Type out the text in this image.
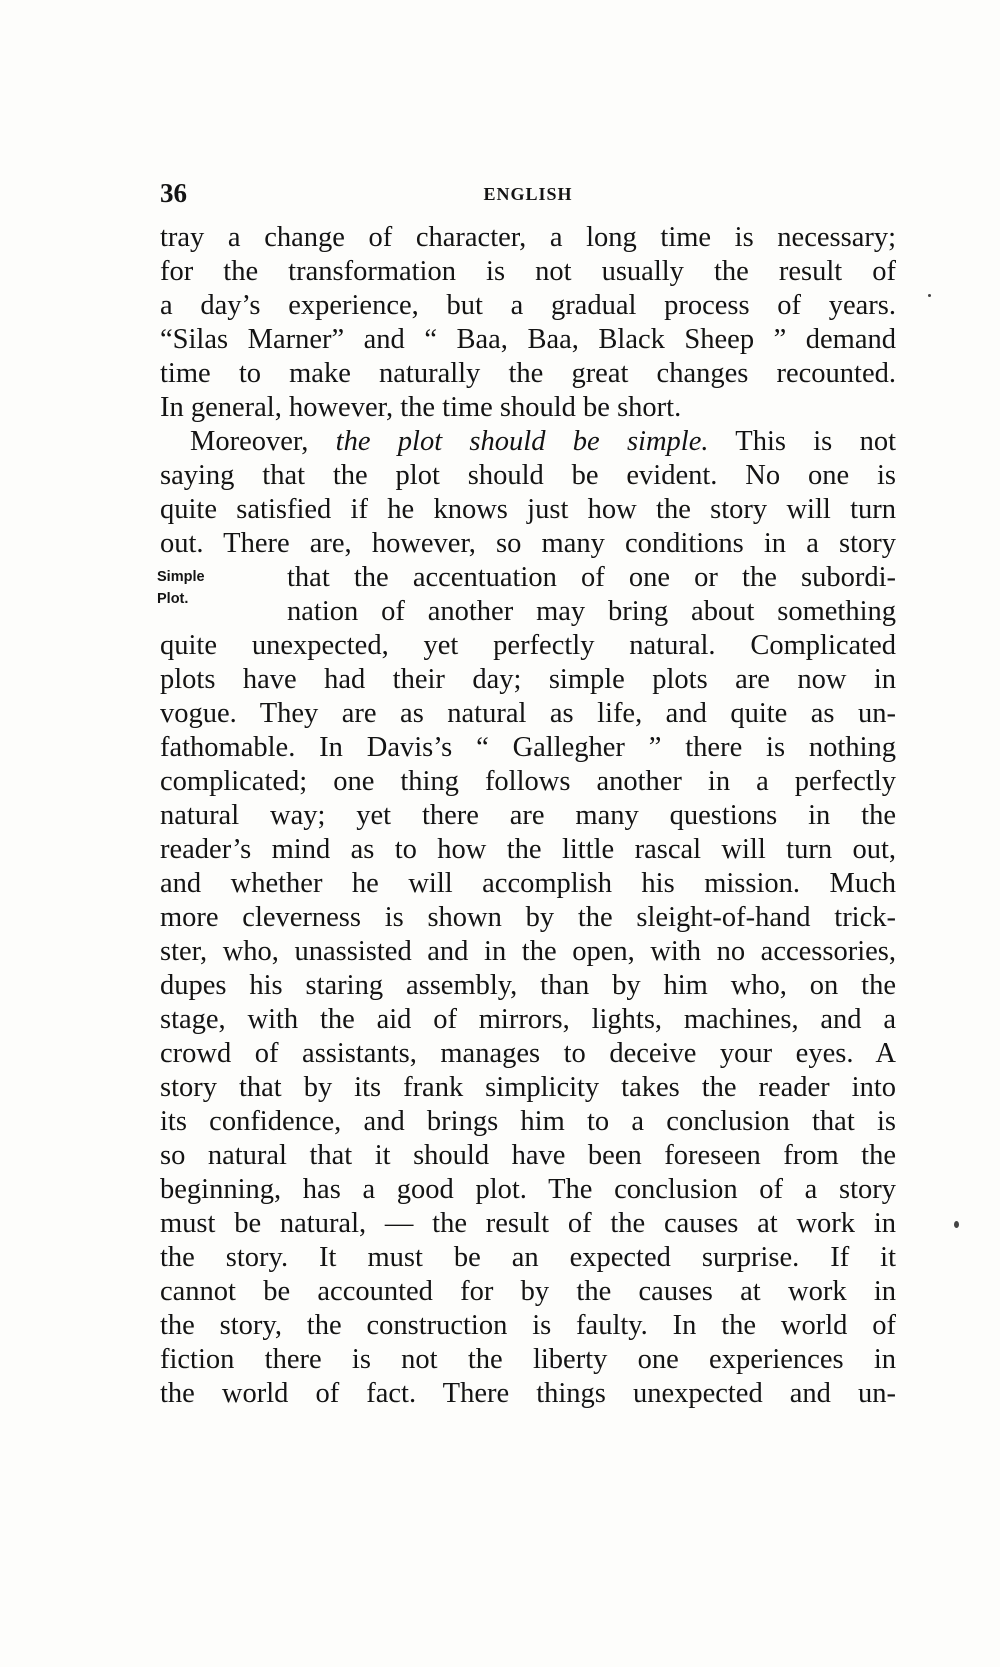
36	ENGLISH
Simple
Plot.
tray a change of character, a long time is necessary;
for the transformation is not usually the result of
a day’s experience, but a gradual process of years.
“Silas Marner” and “ Baa, Baa, Black Sheep ” demand
time to make naturally the great changes recounted.
In general, however, the time should be short.
Moreover, the plot should be simple. This is not
saying that the plot should be evident. No one is
quite satisfied if he knows just how the story will turn
out. There are, however, so many conditions in a story
that the accentuation of one or the subordi-
nation of another may bring about something
quite unexpected, yet perfectly natural. Complicated
plots have had their day; simple plots are now in
vogue. They are as natural as life, and quite as un-
fathomable. In Davis’s “ Gallegher ” there is nothing
complicated; one thing follows another in a perfectly
natural way; yet there are many questions in the
reader’s mind as to how the little rascal will turn out,
and whether he will accomplish his mission. Much
more cleverness is shown by the sleight-of-hand trick-
ster, who, unassisted and in the open, with no accessories,
dupes his staring assembly, than by him who, on the
stage, with the aid of mirrors, lights, machines, and a
crowd of assistants, manages to deceive your eyes. A
story that by its frank simplicity takes the reader into
its confidence, and brings him to a conclusion that is
so natural that it should have been foreseen from the
beginning, has a good plot. The conclusion of a story
must be natural, — the result of the causes at work in
the story. It must be an expected surprise. If it
cannot be accounted for by the causes at work in
the story, the construction is faulty. In the world of
fiction there is not the liberty one experiences in
the world of fact. There things unexpected and un-
